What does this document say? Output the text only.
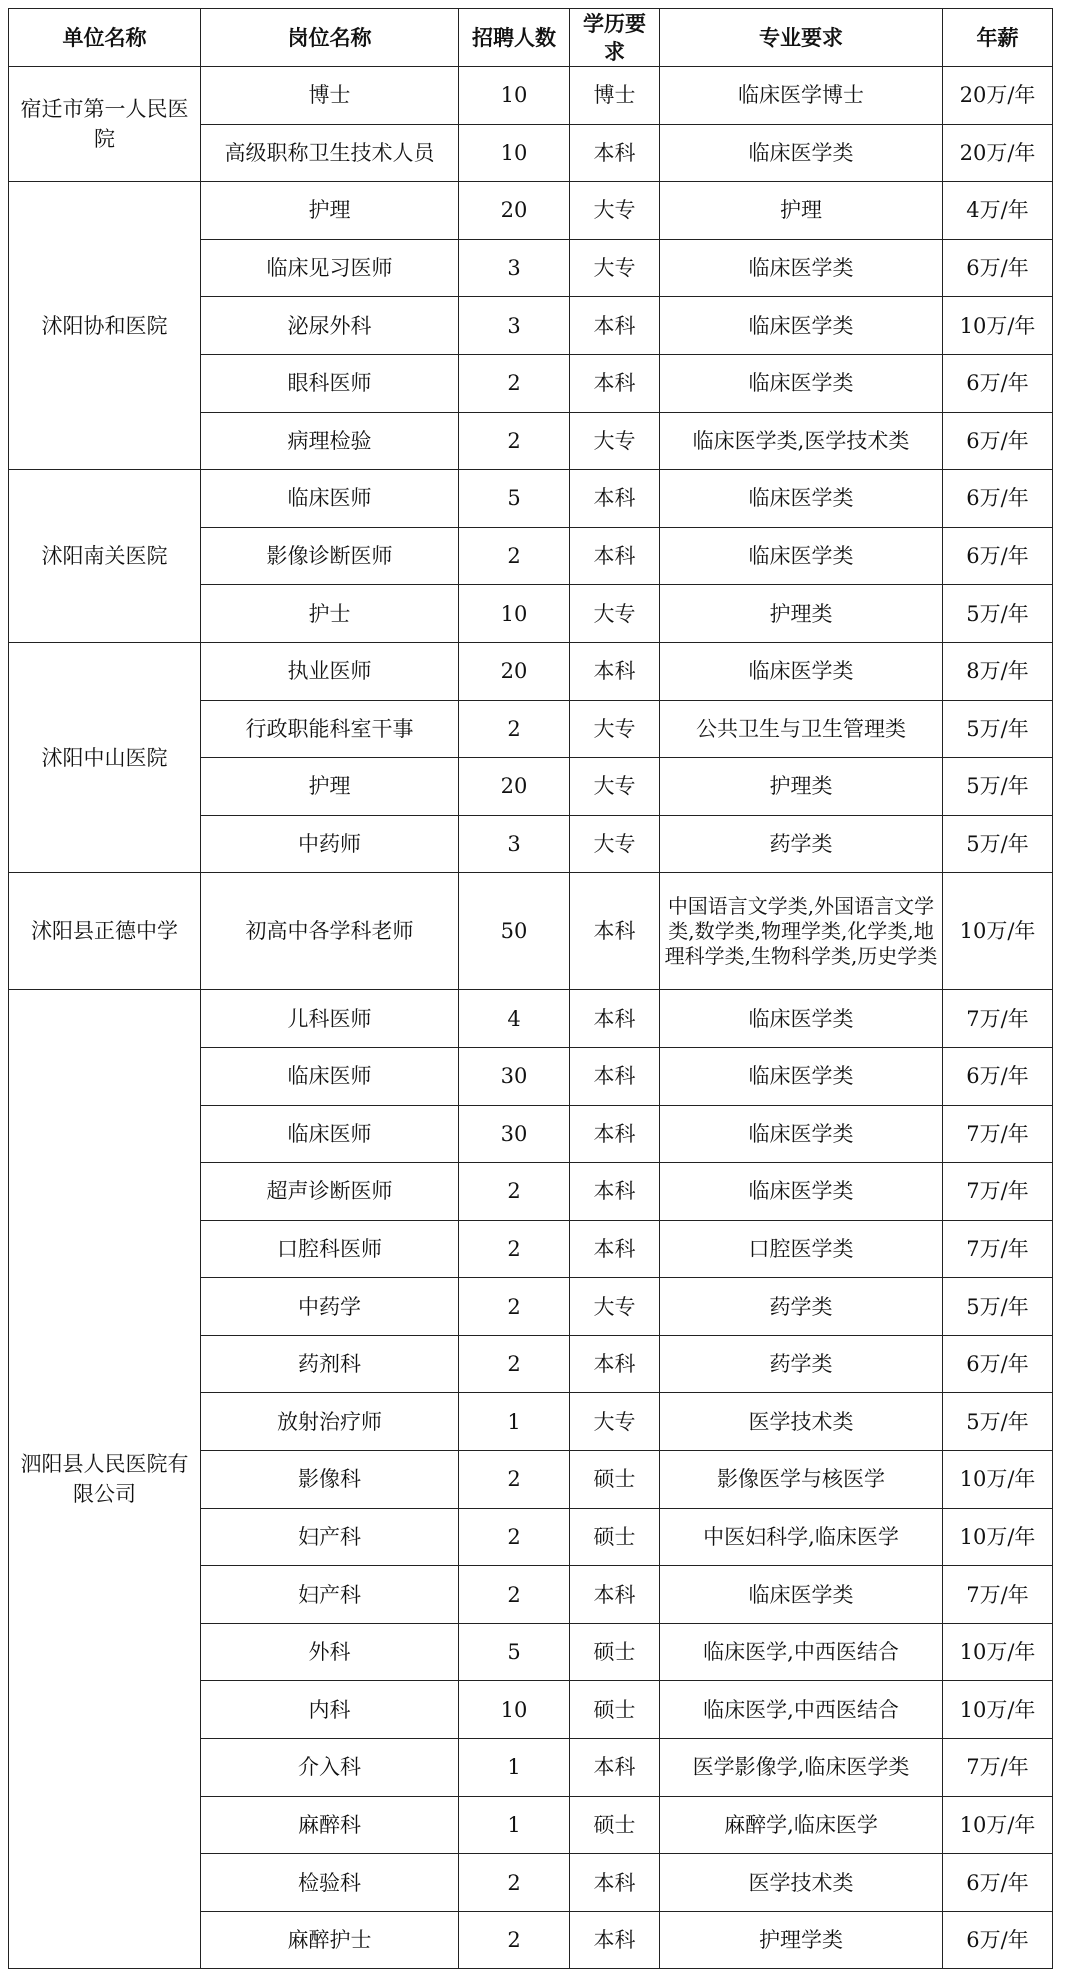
单位名称	岗位名称	招聘人数	学历要求	专业要求	年薪
宿迁市第一人民医院	博士	10	博士	临床医学博士	20万/年
	高级职称卫生技术人员	10	本科	临床医学类	20万/年
沭阳协和医院	护理	20	大专	护理	4万/年
	临床见习医师	3	大专	临床医学类	6万/年
	泌尿外科	3	本科	临床医学类	10万/年
	眼科医师	2	本科	临床医学类	6万/年
	病理检验	2	大专	临床医学类,医学技术类	6万/年
沭阳南关医院	临床医师	5	本科	临床医学类	6万/年
	影像诊断医师	2	本科	临床医学类	6万/年
	护士	10	大专	护理类	5万/年
沭阳中山医院	执业医师	20	本科	临床医学类	8万/年
	行政职能科室干事	2	大专	公共卫生与卫生管理类	5万/年
	护理	20	大专	护理类	5万/年
	中药师	3	大专	药学类	5万/年
沭阳县正德中学	初高中各学科老师	50	本科	中国语言文学类,外国语言文学类,数学类,物理学类,化学类,地理科学类,生物科学类,历史学类	10万/年
泗阳县人民医院有限公司	儿科医师	4	本科	临床医学类	7万/年
	临床医师	30	本科	临床医学类	6万/年
	临床医师	30	本科	临床医学类	7万/年
	超声诊断医师	2	本科	临床医学类	7万/年
	口腔科医师	2	本科	口腔医学类	7万/年
	中药学	2	大专	药学类	5万/年
	药剂科	2	本科	药学类	6万/年
	放射治疗师	1	大专	医学技术类	5万/年
	影像科	2	硕士	影像医学与核医学	10万/年
	妇产科	2	硕士	中医妇科学,临床医学	10万/年
	妇产科	2	本科	临床医学类	7万/年
	外科	5	硕士	临床医学,中西医结合	10万/年
	内科	10	硕士	临床医学,中西医结合	10万/年
	介入科	1	本科	医学影像学,临床医学类	7万/年
	麻醉科	1	硕士	麻醉学,临床医学	10万/年
	检验科	2	本科	医学技术类	6万/年
	麻醉护士	2	本科	护理学类	6万/年
